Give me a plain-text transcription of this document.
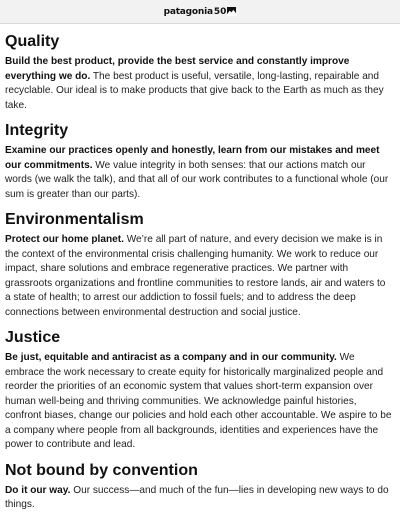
patagonia 50
Quality

Build the best product, provide the best service and constantly improve everything we do. The best product is useful, versatile, long-lasting, repairable and recyclable. Our ideal is to make products that give back to the Earth as much as they take.

Integrity

Examine our practices openly and honestly, learn from our mistakes and meet our commitments. We value integrity in both senses: that our actions match our words (we walk the talk), and that all of our work contributes to a functional whole (our sum is greater than our parts).

Environmentalism

Protect our home planet. We’re all part of nature, and every decision we make is in the context of the environmental crisis challenging humanity. We work to reduce our impact, share solutions and embrace regenerative practices. We partner with grassroots organizations and frontline communities to restore lands, air and waters to a state of health; to arrest our addiction to fossil fuels; and to address the deep connections between environmental destruction and social justice.

Justice

Be just, equitable and antiracist as a company and in our community. We embrace the work necessary to create equity for historically marginalized people and reorder the priorities of an economic system that values short-term expansion over human well-being and thriving communities. We acknowledge painful histories, confront biases, change our policies and hold each other accountable. We aspire to be a company where people from all backgrounds, identities and experiences have the power to contribute and lead.

Not bound by convention

Do it our way. Our success—and much of the fun—lies in developing new ways to do things.
